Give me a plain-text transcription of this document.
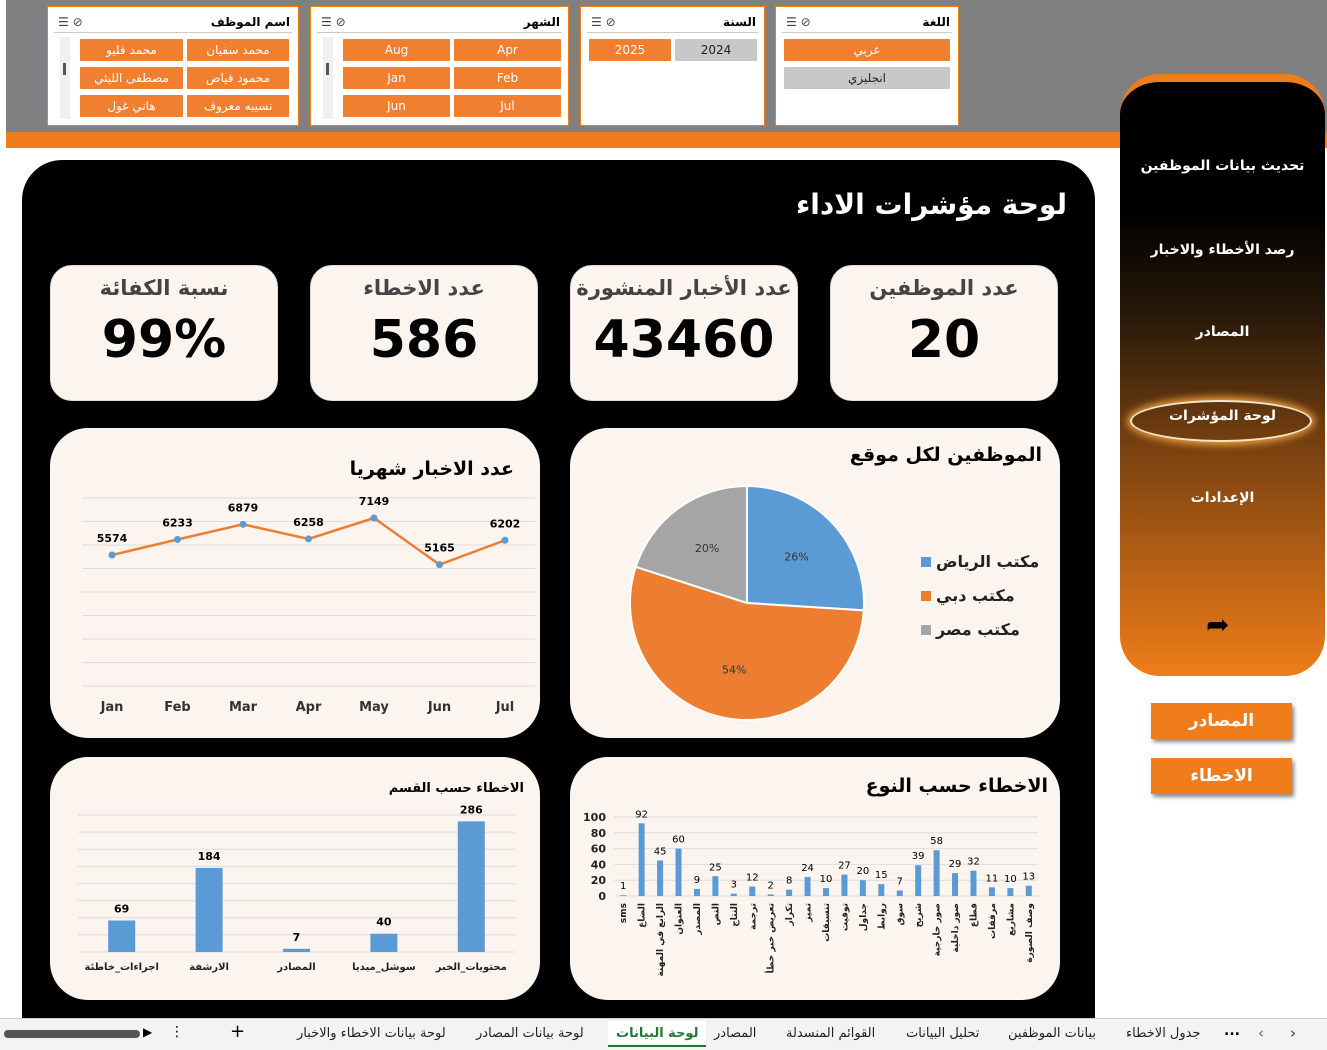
اسم الموظف
☰ ⊘
محمد سفيان
محمد فليو
محمود فياض
مصطفى الليثي
نسيبه معروف
هاني غول
الشهر
☰ ⊘
Apr
Aug
Feb
Jan
Jul
Jun
السنة
☰ ⊘
2024
2025
اللغة
☰ ⊘
عربي
انجليزي
لوحة مؤشرات الاداء
عدد الموظفين
20
عدد الأخبار المنشورة
43460
عدد الاخطاء
586
نسبة الكفائة
99%
عدد الاخبار شهريا
5574
6233
6879
6258
7149
5165
6202
Jan	Feb	Mar	Apr	May	Jun	Jul
الموظفين لكل موقع
26%
54%
20%
مكتب الرياض
مكتب دبي
مكتب مصر
الاخطاء حسب القسم
69
اجراءات_خاطئة
184
الارشفة
7
المصادر
40
سوشل_ميديا
286
محتويات_الخبر
الاخطاء حسب النوع
0
20
40
60
80
100
1
sms
92
الضاع
45
الرابع في المهنة
60
العنوان
9
المصدر
25
النص
3
النتاج
12
ترجمة
2
تعريض خبر خطأ
8
تكرار
24
تميز
10
تنسيقات
27
توقيت
20
جداول
15
روابط
7
سوق
39
شريح
58
صور خارجية
29
صور داخلية
32
قطاع
11
مرفقات
10
مشاريع
13
وصف الصورة
تحديث بيانات الموظفين
رصد الأخطاء والاخبار
المصادر
لوحة المؤشرات
الإعدادات
➦
المصادر
الاخطاء
▶ ⋮	+	لوحة بيانات الاخطاء والاخبار لوحة بيانات المصادر	لوحة البيانات	المصادر القوائم المنسدلة تحليل البيانات بيانات الموظفين جدول الاخطاء ... ‹ ›
